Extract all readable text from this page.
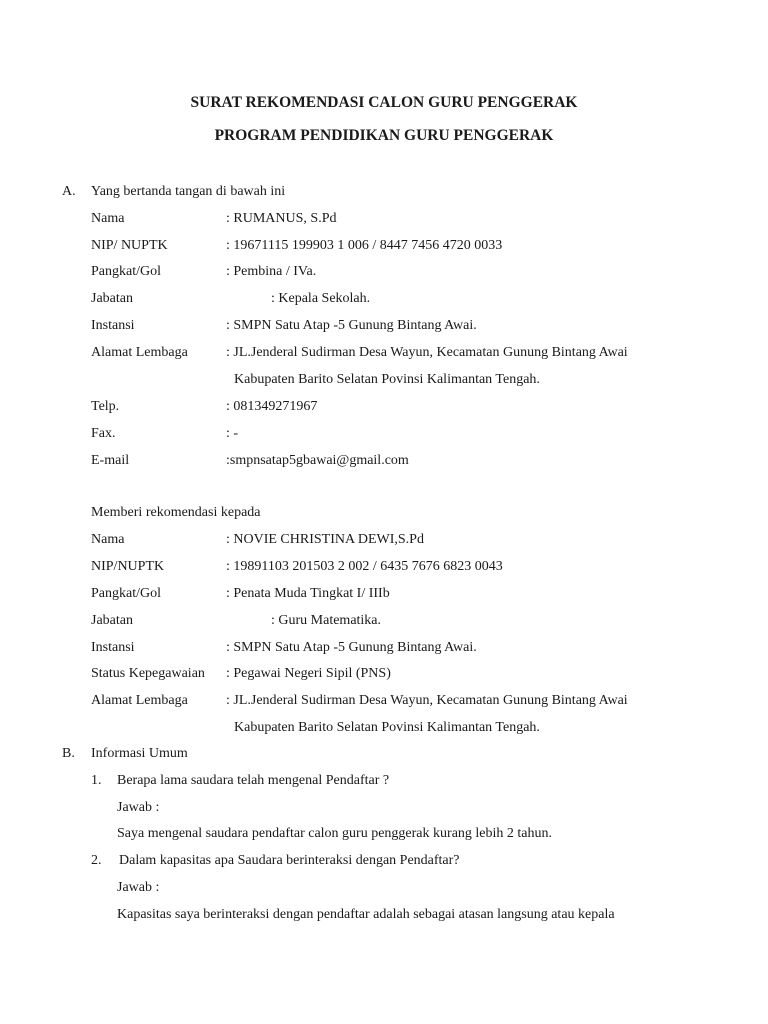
SURAT REKOMENDASI CALON GURU PENGGERAK
PROGRAM PENDIDIKAN GURU PENGGERAK
A. Yang bertanda tangan di bawah ini
Nama	: RUMANUS, S.Pd
NIP/ NUPTK	: 19671115 199903 1 006 / 8447 7456 4720 0033
Pangkat/Gol	: Pembina / IVa.
Jabatan	: Kepala Sekolah.
Instansi	: SMPN Satu Atap -5 Gunung Bintang Awai.
Alamat Lembaga	: JL.Jenderal Sudirman Desa Wayun, Kecamatan Gunung Bintang Awai
Kabupaten Barito Selatan Povinsi Kalimantan Tengah.
Telp.	: 081349271967
Fax.	: -
E-mail	:smpnsatap5gbawai@gmail.com
Memberi rekomendasi kepada
Nama	: NOVIE CHRISTINA DEWI,S.Pd
NIP/NUPTK	: 19891103 201503 2 002 / 6435 7676 6823 0043
Pangkat/Gol	: Penata Muda Tingkat I/ IIIb
Jabatan	: Guru Matematika.
Instansi	: SMPN Satu Atap -5 Gunung Bintang Awai.
Status Kepegawaian : Pegawai Negeri Sipil (PNS)
Alamat Lembaga	: JL.Jenderal Sudirman Desa Wayun, Kecamatan Gunung Bintang Awai
Kabupaten Barito Selatan Povinsi Kalimantan Tengah.
B. Informasi Umum
1. Berapa lama saudara telah mengenal Pendaftar ?
Jawab :
Saya mengenal saudara pendaftar calon guru penggerak kurang lebih 2 tahun.
2. Dalam kapasitas apa Saudara berinteraksi dengan Pendaftar?
Jawab :
Kapasitas saya berinteraksi dengan pendaftar adalah sebagai atasan langsung atau kepala
